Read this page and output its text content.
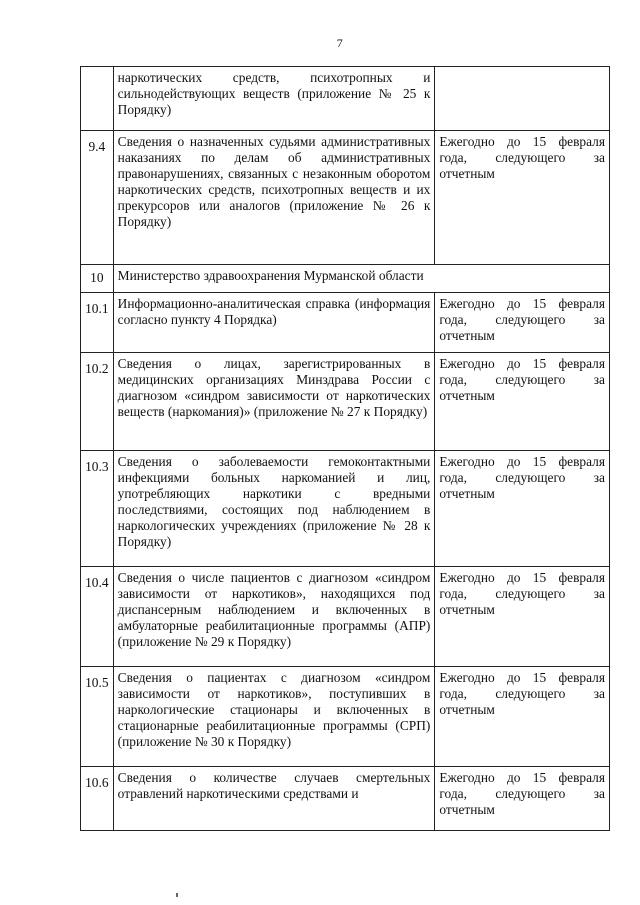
7

	наркотических средств, психотропных и сильнодействующих веществ (приложение № 25 к Порядку)	

9.4	Сведения о назначенных судьями административных наказаниях по делам об административных правонарушениях, связанных с незаконным оборотом наркотических средств, психотропных веществ и их прекурсоров или аналогов (приложение № 26 к Порядку)	Ежегодно до 15 февраля года, следующего за отчетным

10	Министерство здравоохранения Мурманской области	
10.1	Информационно-аналитическая справка (информация согласно пункту 4 Порядка)	Ежегодно до 15 февраля года, следующего за отчетным

10.2	Сведения о лицах, зарегистрированных в медицинских организациях Минздрава России с диагнозом «синдром зависимости от наркотических веществ (наркомания)» (приложение № 27 к Порядку)	Ежегодно до 15 февраля года, следующего за отчетным

10.3	Сведения о заболеваемости гемоконтактными инфекциями больных наркоманией и лиц, употребляющих наркотики с вредными последствиями, состоящих под наблюдением в наркологических учреждениях (приложение № 28 к Порядку)	Ежегодно до 15 февраля года, следующего за отчетным

10.4	Сведения о числе пациентов с диагнозом «синдром зависимости от наркотиков», находящихся под диспансерным наблюдением и включенных в амбулаторные реабилитационные программы (АПР) (приложение № 29 к Порядку)	Ежегодно до 15 февраля года, следующего за отчетным

10.5	Сведения о пациентах с диагнозом «синдром зависимости от наркотиков», поступивших в наркологические стационары и включенных в стационарные реабилитационные программы (СРП) (приложение № 30 к Порядку)	Ежегодно до 15 февраля года, следующего за отчетным

10.6	Сведения о количестве случаев смертельных отравлений наркотическими средствами и	Ежегодно до 15 февраля года, следующего за отчетным
